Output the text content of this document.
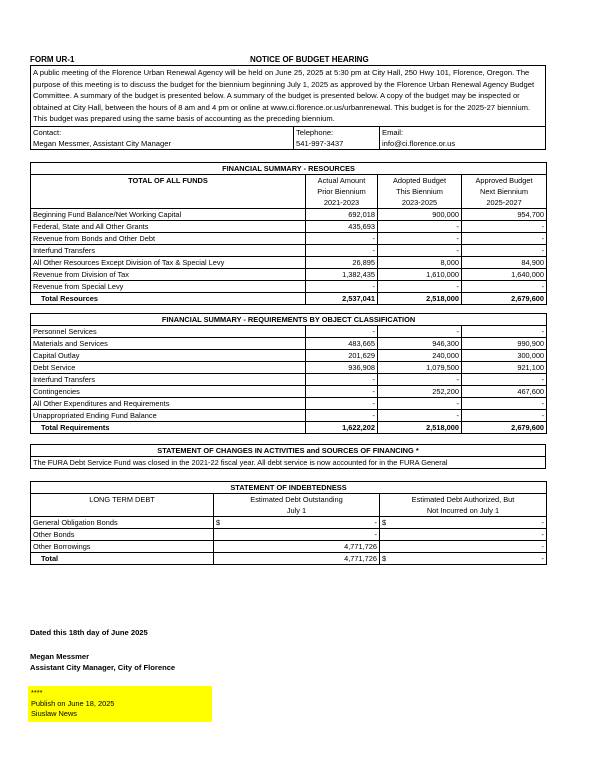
FORM UR-1	NOTICE OF BUDGET HEARING
A public meeting of the Florence Urban Renewal Agency will be held on June 25, 2025 at 5:30 pm at City Hall, 250 Hwy 101, Florence, Oregon. The purpose of this meeting is to discuss the budget for the biennium beginning July 1, 2025 as approved by the Florence Urban Renewal Agency Budget Committee. A summary of the budget is presented below. A summary of the budget is presented below. A copy of the budget may be inspected or obtained at City Hall, between the hours of 8 am and 4 pm or online at www.ci.florence.or.us/urbanrenewal. This budget is for the 2025-27 biennium. This budget was prepared using the same basis of accounting as the preceding biennium.
Contact:	Telephone:	Email:
Megan Messmer, Assistant City Manager	541-997-3437	info@ci.florence.or.us
FINANCIAL SUMMARY - RESOURCES			
TOTAL OF ALL FUNDS	Actual Amount	Adopted Budget	Approved Budget
	Prior Biennium	This Biennium	Next Biennium
	2021-2023	2023-2025	2025-2027
Beginning Fund Balance/Net Working Capital	692,018	900,000	954,700
Federal, State and All Other Grants	435,693	-	-
Revenue from Bonds and Other Debt	-	-	-
Interfund Transfers	-	-	-
All Other Resources Except Division of Tax & Special Levy	26,895	8,000	84,900
Revenue from Division of Tax	1,382,435	1,610,000	1,640,000
Revenue from Special Levy	-	-	-
Total Resources	2,537,041	2,518,000	2,679,600
FINANCIAL SUMMARY - REQUIREMENTS BY OBJECT CLASSIFICATION			
Personnel Services	-	-	-
Materials and Services	483,665	946,300	990,900
Capital Outlay	201,629	240,000	300,000
Debt Service	936,908	1,079,500	921,100
Interfund Transfers	-	-	-
Contingencies	-	252,200	467,600
All Other Expenditures and Requirements	-	-	-
Unappropriated Ending Fund Balance	-	-	-
Total Requirements	1,622,202	2,518,000	2,679,600
STATEMENT OF CHANGES IN ACTIVITIES and SOURCES OF FINANCING *
The FURA Debt Service Fund was closed in the 2021-22 fiscal year. All debt service is now accounted for in the FURA General
STATEMENT OF INDEBTEDNESS				
LONG TERM DEBT	Estimated Debt Outstanding		Estimated Debt Authorized, But	
	July 1		Not Incurred on July 1	
General Obligation Bonds	$	-	$	-
Other Bonds		-		-
Other Borrowings		4,771,726		-
Total		4,771,726	$	-
Dated this 18th day of June 2025
Megan Messmer
Assistant City Manager, City of Florence
****
Publish on June 18, 2025
Siuslaw News
